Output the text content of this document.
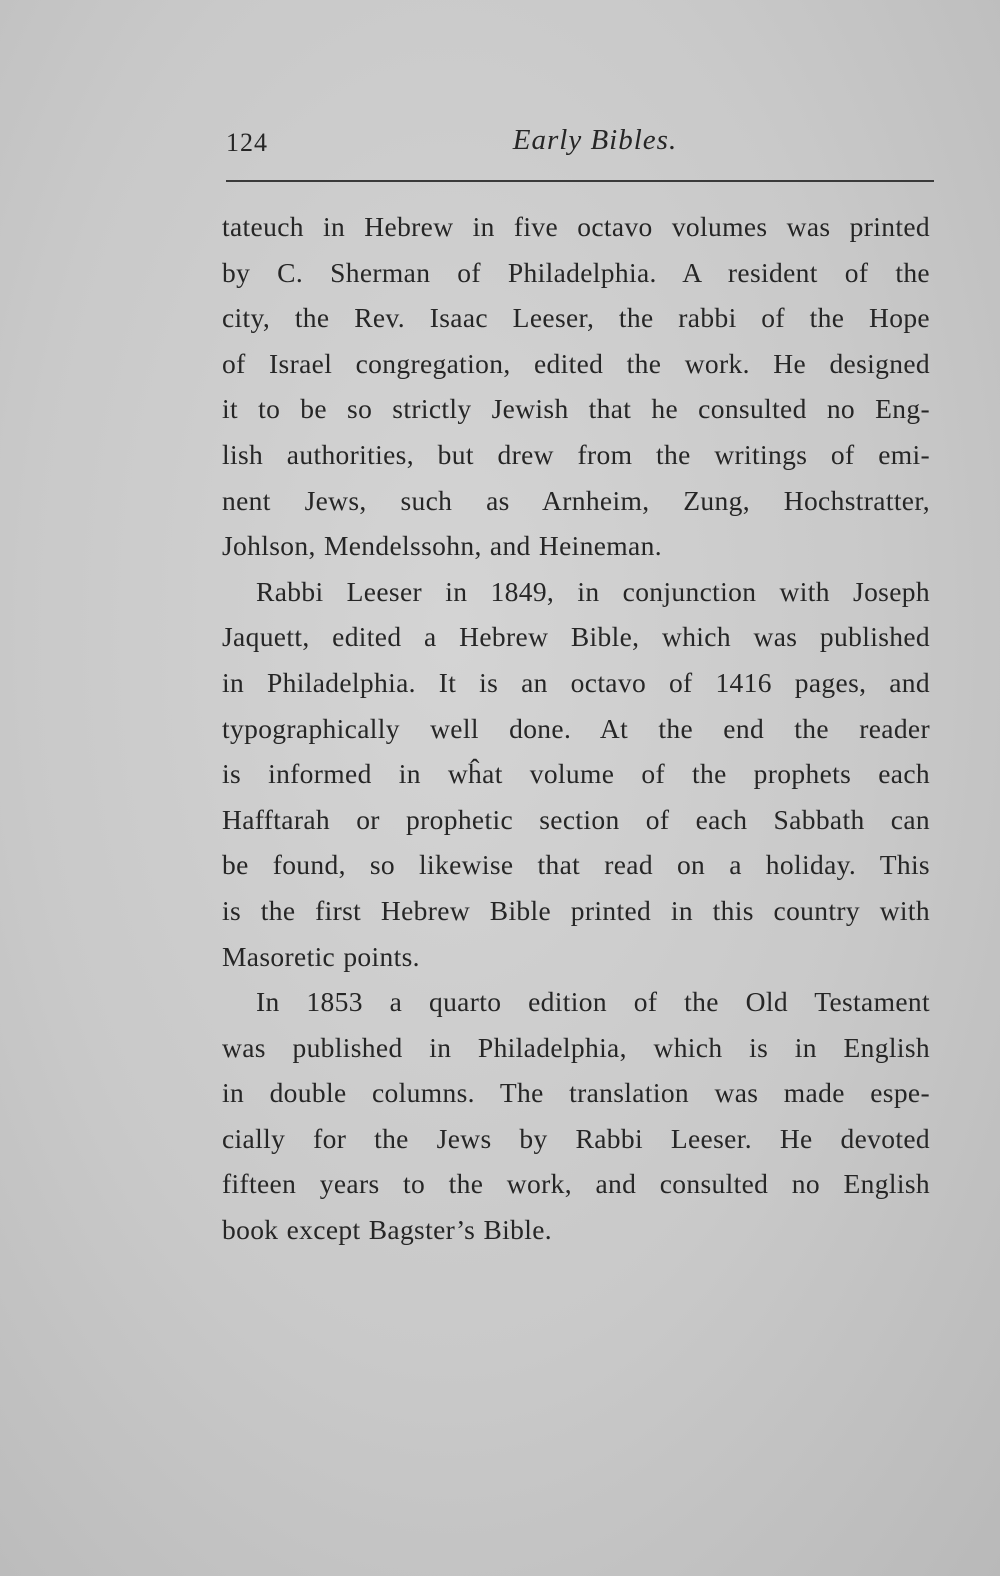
124	Early Bibles.
tateuch in Hebrew in five octavo volumes was printed
by C. Sherman of Philadelphia. A resident of the
city, the Rev. Isaac Leeser, the rabbi of the Hope
of Israel congregation, edited the work. He designed
it to be so strictly Jewish that he consulted no Eng-
lish authorities, but drew from the writings of emi-
nent Jews, such as Arnheim, Zung, Hochstratter,
Johlson, Mendelssohn, and Heineman.
Rabbi Leeser in 1849, in conjunction with Joseph
Jaquett, edited a Hebrew Bible, which was published
in Philadelphia. It is an octavo of 1416 pages, and
typographically well done. At the end the reader
is informed in wĥat volume of the prophets each
Hafftarah or prophetic section of each Sabbath can
be found, so likewise that read on a holiday. This
is the first Hebrew Bible printed in this country with
Masoretic points.
In 1853 a quarto edition of the Old Testament
was published in Philadelphia, which is in English
in double columns. The translation was made espe-
cially for the Jews by Rabbi Leeser. He devoted
fifteen years to the work, and consulted no English
book except Bagster’s Bible.
